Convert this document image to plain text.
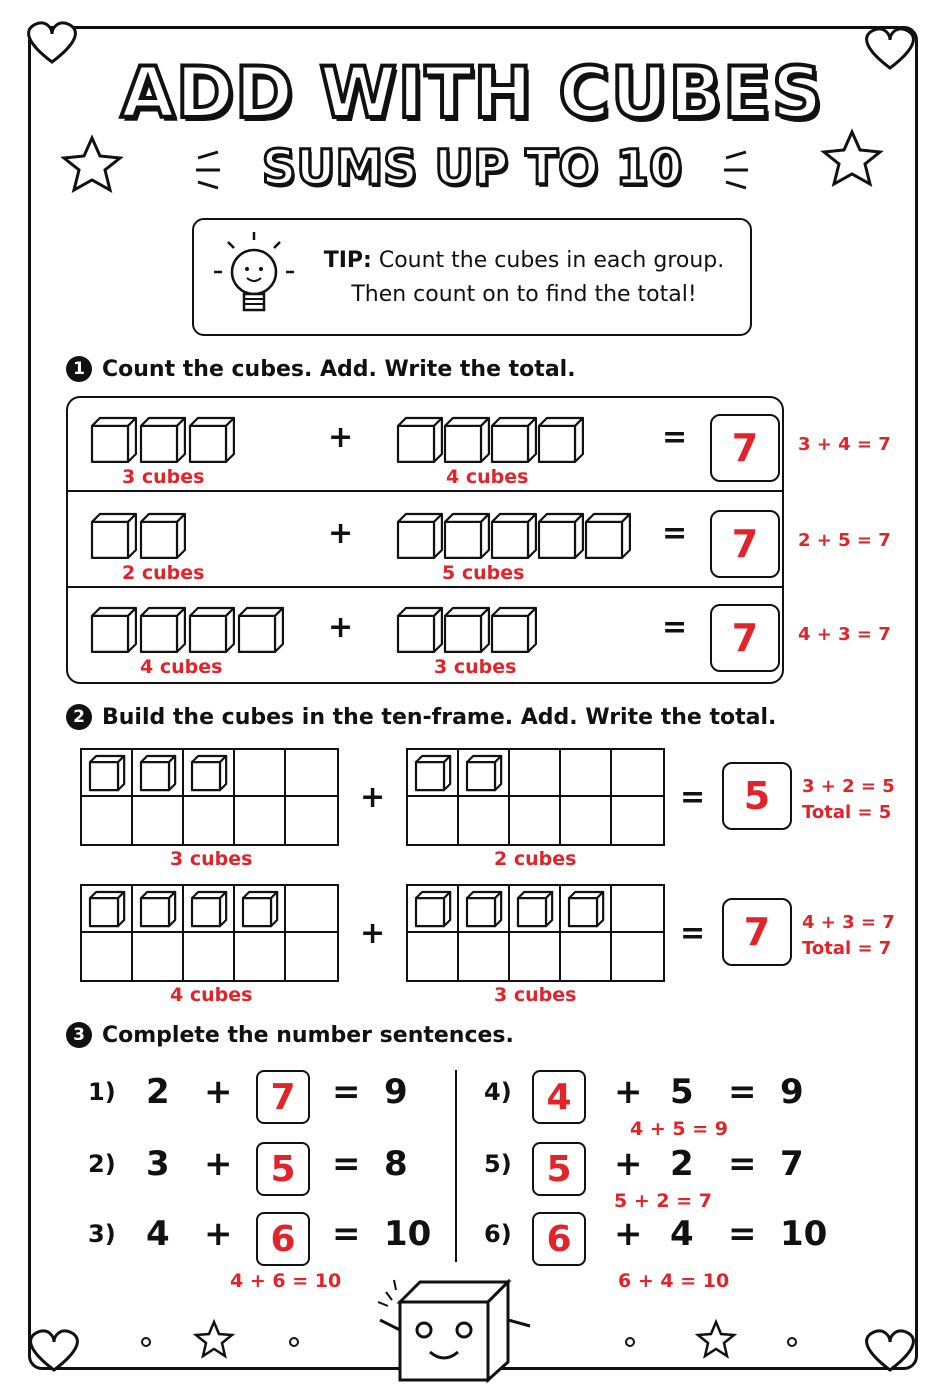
ADD WITH CUBES
SUMS UP TO 10
TIP: Count the cubes in each group.
Then count on to find the total!
1 Count the cubes. Add. Write the total.
2 Build the cubes in the ten-frame. Add. Write the total.
3 Complete the number sentences.
3 cubes	4 cubes
+	=	7	3 + 4 = 7
2 cubes	5 cubes
+	=	7	2 + 5 = 7
4 cubes	3 cubes
+	=	7	4 + 3 = 7
3 cubes	2 cubes
+	=	5	3 + 2 = 5
Total = 5
4 cubes	3 cubes
+	=	7	4 + 3 = 7
Total = 7
1) 2 +	7	= 9
2) 3 +	5	= 8
3) 4 +	6	= 10
4 + 6 = 10
4) 4	+ 5 = 9
4 + 5 = 9
5) 5	+ 2 = 7
5 + 2 = 7
6) 6	+ 4 = 10
6 + 4 = 10
